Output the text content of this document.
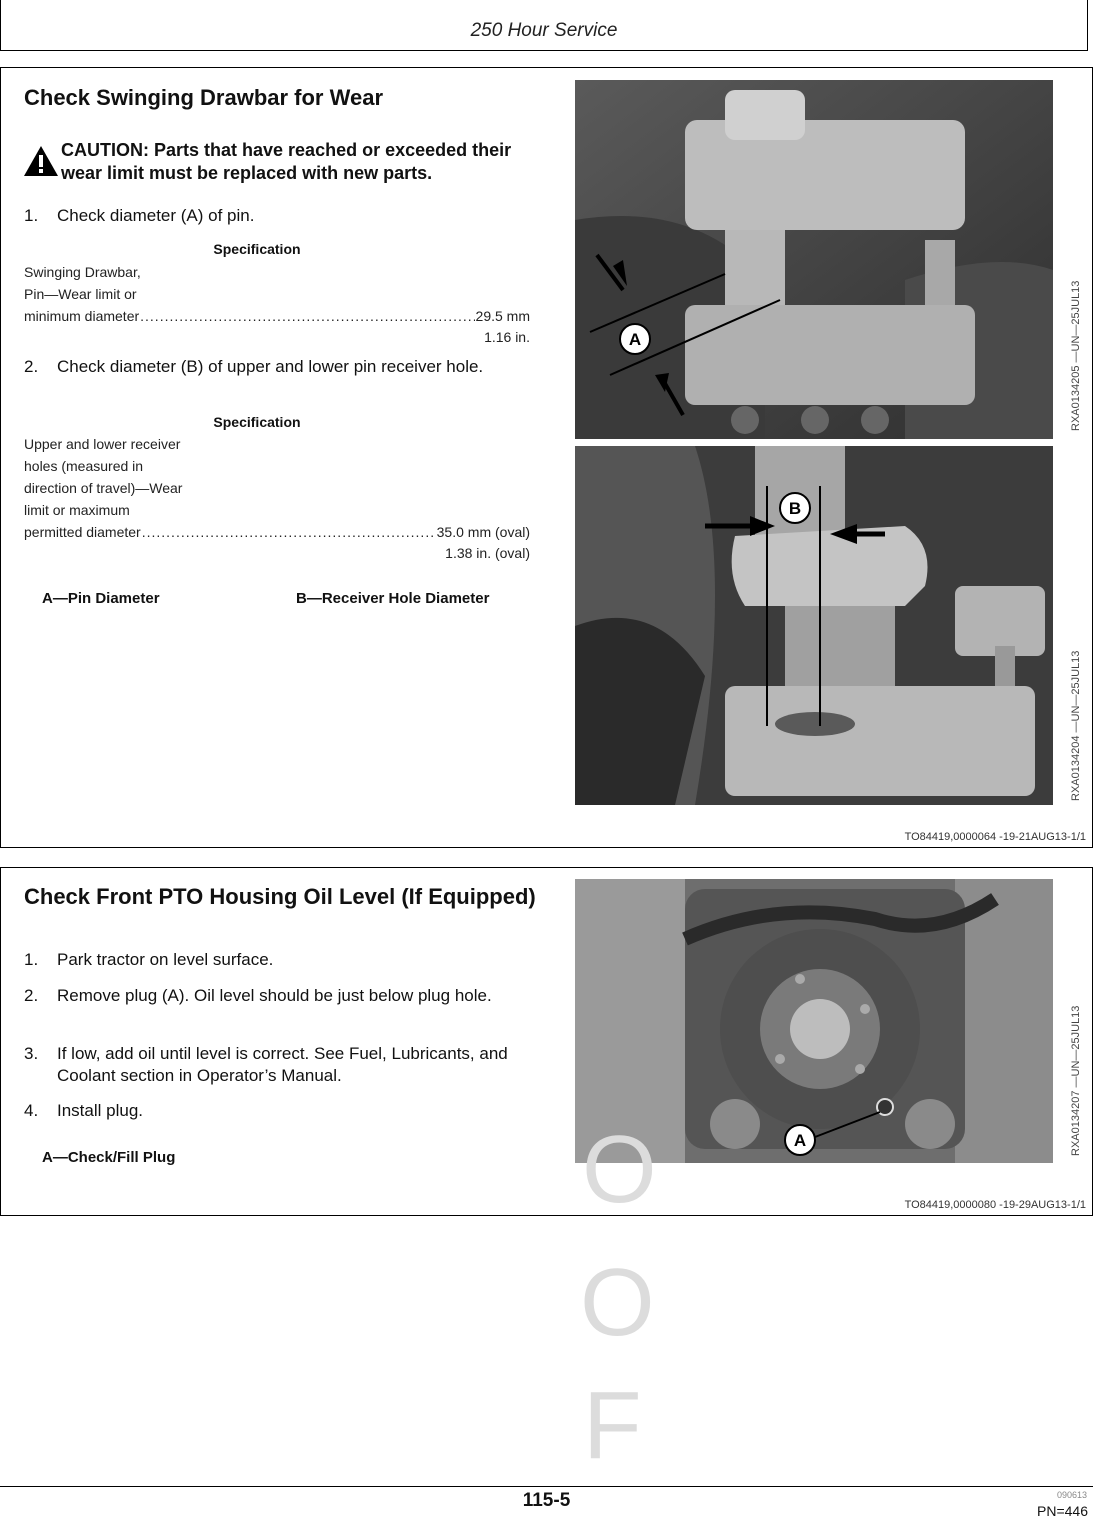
250 Hour Service
Check Swinging Drawbar for Wear
CAUTION: Parts that have reached or exceeded their wear limit must be replaced with new parts.
1.	Check diameter (A) of pin.
Specification
Swinging Drawbar,
Pin—Wear limit or
minimum diameter .....	29.5 mm
1.16 in.
2.	Check diameter (B) of upper and lower pin receiver hole.
Specification
Upper and lower receiver
holes (measured in
direction of travel)—Wear
limit or maximum
permitted diameter .....	35.0 mm (oval)
1.38 in. (oval)
A—Pin Diameter	B—Receiver Hole Diameter
A	RXA0134205 —UN—25JUL13
B
RXA0134204 —UN—25JUL13
TO84419,0000064 -19-21AUG13-1/1
Check Front PTO Housing Oil Level (If Equipped)
1.	Park tractor on level surface.
2.	Remove plug (A). Oil level should be just below plug hole.
3.	If low, add oil until level is correct. See Fuel, Lubricants, and Coolant section in Operator’s Manual.
4.	Install plug.
A—Check/Fill Plug
A	RXA0134207 —UN—25JUL13
TO84419,0000080 -19-29AUG13-1/1
O
O
F
115-5	090613
PN=446
